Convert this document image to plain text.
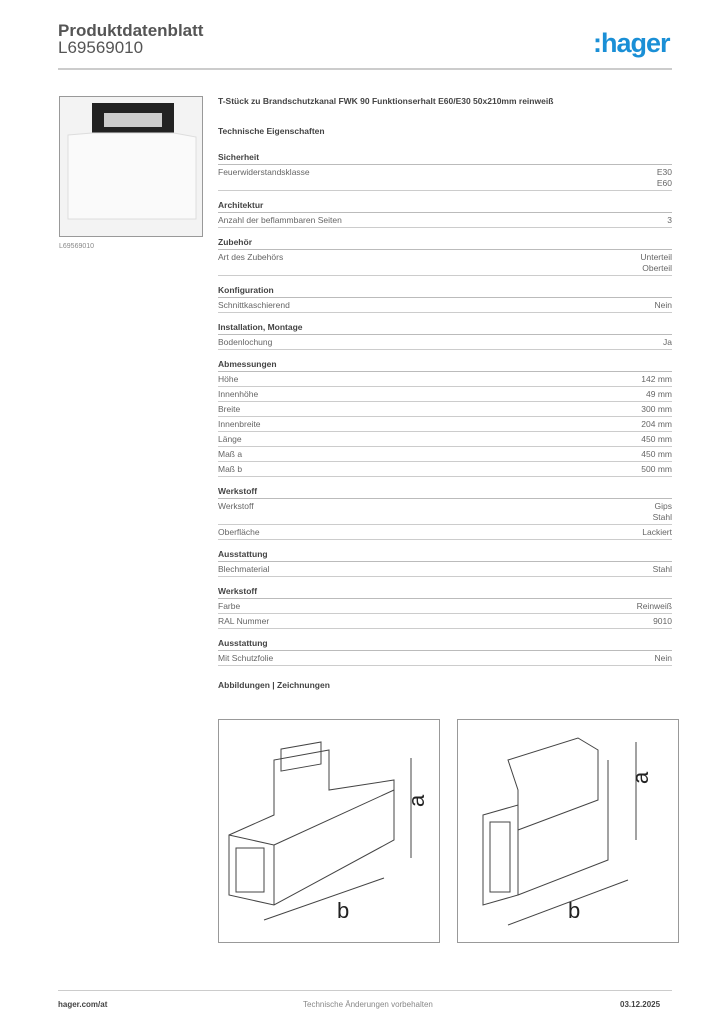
Produktdatenblatt
L69569010	:hager
L69569010
T-Stück zu Brandschutzkanal FWK 90 Funktionserhalt E60/E30 50x210mm reinweiß
Technische Eigenschaften
Sicherheit
Feuerwiderstandsklasse	E30
E60
Architektur
Anzahl der beflammbaren Seiten	3
Zubehör
Art des Zubehörs	Unterteil
Oberteil
Konfiguration
Schnittkaschierend	Nein
Installation, Montage
Bodenlochung	Ja
Abmessungen
Höhe	142 mm
Innenhöhe	49 mm
Breite	300 mm
Innenbreite	204 mm
Länge	450 mm
Maß a	450 mm
Maß b	500 mm
Werkstoff
Werkstoff	Gips
Stahl
Oberfläche	Lackiert
Ausstattung
Blechmaterial	Stahl
Werkstoff
Farbe	Reinweiß
RAL Nummer	9010
Ausstattung
Mit Schutzfolie	Nein
Abbildungen | Zeichnungen
a
b
a
b
hager.com/at	Technische Änderungen vorbehalten	03.12.2025
